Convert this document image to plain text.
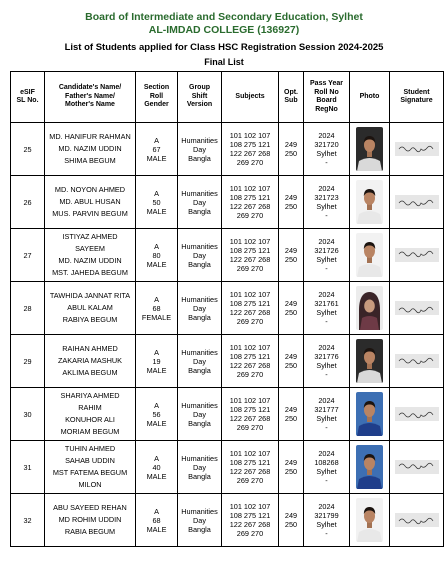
Board of Intermediate and Secondary Education, Sylhet
AL-IMDAD COLLEGE (136927)
List of Students applied for Class HSC Registration Session 2024-2025
Final List
eSIF
SL No.	Candidate's Name/
Father's Name/
Mother's Name	Section
Roll
Gender	Group
Shift
Version	Subjects	Opt.
Sub	Pass Year
Roll No
Board
RegNo	Photo	Student
Signature

25	MD. HANIFUR RAHMAN
MD. NAZIM UDDIN
SHIMA BEGUM	A
67
MALE	Humanities
Day
Bangla	101 102 107
108 275 121
122 267 268
269 270	249
250	2024
321720
Sylhet
-

26	MD. NOYON AHMED
MD. ABUL HUSAN
MUS. PARVIN BEGUM	A
50
MALE	Humanities
Day
Bangla	101 102 107
108 275 121
122 267 268
269 270	249
250	2024
321723
Sylhet
-

27	ISTIYAZ AHMED
SAYEEM
MD. NAZIM UDDIN
MST. JAHEDA BEGUM	A
80
MALE	Humanities
Day
Bangla	101 102 107
108 275 121
122 267 268
269 270	249
250	2024
321726
Sylhet
-

28	TAWHIDA JANNAT RITA
ABUL KALAM
RABIYA BEGUM	A
68
FEMALE	Humanities
Day
Bangla	101 102 107
108 275 121
122 267 268
269 270	249
250	2024
321761
Sylhet
-

29	RAIHAN AHMED
ZAKARIA MASHUK
AKLIMA BEGUM	A
19
MALE	Humanities
Day
Bangla	101 102 107
108 275 121
122 267 268
269 270	249
250	2024
321776
Sylhet
-

30	SHARIYA AHMED
RAHIM
KONUHOR ALI
MORIAM BEGUM	A
56
MALE	Humanities
Day
Bangla	101 102 107
108 275 121
122 267 268
269 270	249
250	2024
321777
Sylhet
-

31	TUHIN AHMED
SAHAB UDDIN
MST FATEMA BEGUM
MILON	A
40
MALE	Humanities
Day
Bangla	101 102 107
108 275 121
122 267 268
269 270	249
250	2024
108268
Sylhet
-

32	ABU SAYEED REHAN
MD ROHIM UDDIN
RABIA BEGUM	A
68
MALE	Humanities
Day
Bangla	101 102 107
108 275 121
122 267 268
269 270	249
250	2024
321799
Sylhet
-
